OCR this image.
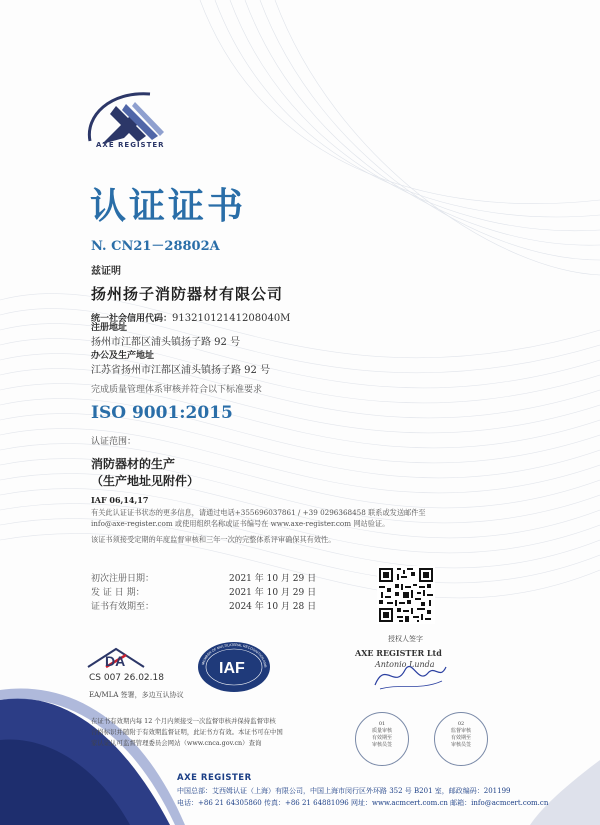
AXE REGISTER
认证证书
N. CN21－28802A
兹证明
扬州扬子消防器材有限公司
统一社会信用代码：91321012141208040M
注册地址
扬州市江都区浦头镇扬子路 92 号
办公及生产地址
江苏省扬州市江都区浦头镇扬子路 92 号
完成质量管理体系审核并符合以下标准要求
ISO 9001:2015
认证范围：
消防器材的生产
（生产地址见附件）
IAF 06,14,17
有关此认证证书状态的更多信息，请通过电话+355696037861 / +39 0296368458 联系或发送邮件至
info@axe-register.com 或使用组织名称或证书编号在 www.axe-register.com 网站验证。
该证书须接受定期的年度监督审核和三年一次的完整体系评审确保其有效性。
初次注册日期：	2021 年 10 月 29 日
发 证 日 期：	2021 年 10 月 29 日
证书有效期至：	2024 年 10 月 28 日
授权人签字
AXE REGISTER Ltd
Antonio Lunda
DA
CS 007 26.02.18
IAF
MEMBER OF MULTILATERAL RECOGNITION ARR
EA/MLA 签署，多边互认协议
01
质量审核
有效期至
审核员签
02
监督审核
有效期至
审核员签
在证书有效期内每 12 个月内须接受一次监督审核并保持监督审核
合格标识并随附于有效期监督证明，此证书方有效。本证书可在中国
家认证认可监督管理委员会网站（www.cnca.gov.cn）查询
AXE REGISTER
中国总部：艾西姆认证（上海）有限公司，中国上海市闵行区外环路 352 号 B201 室，邮政编码：201199
电话：+86 21 64305860 传真：+86 21 64881096 网址：www.acmcert.com.cn 邮箱：info@acmcert.com.cn
